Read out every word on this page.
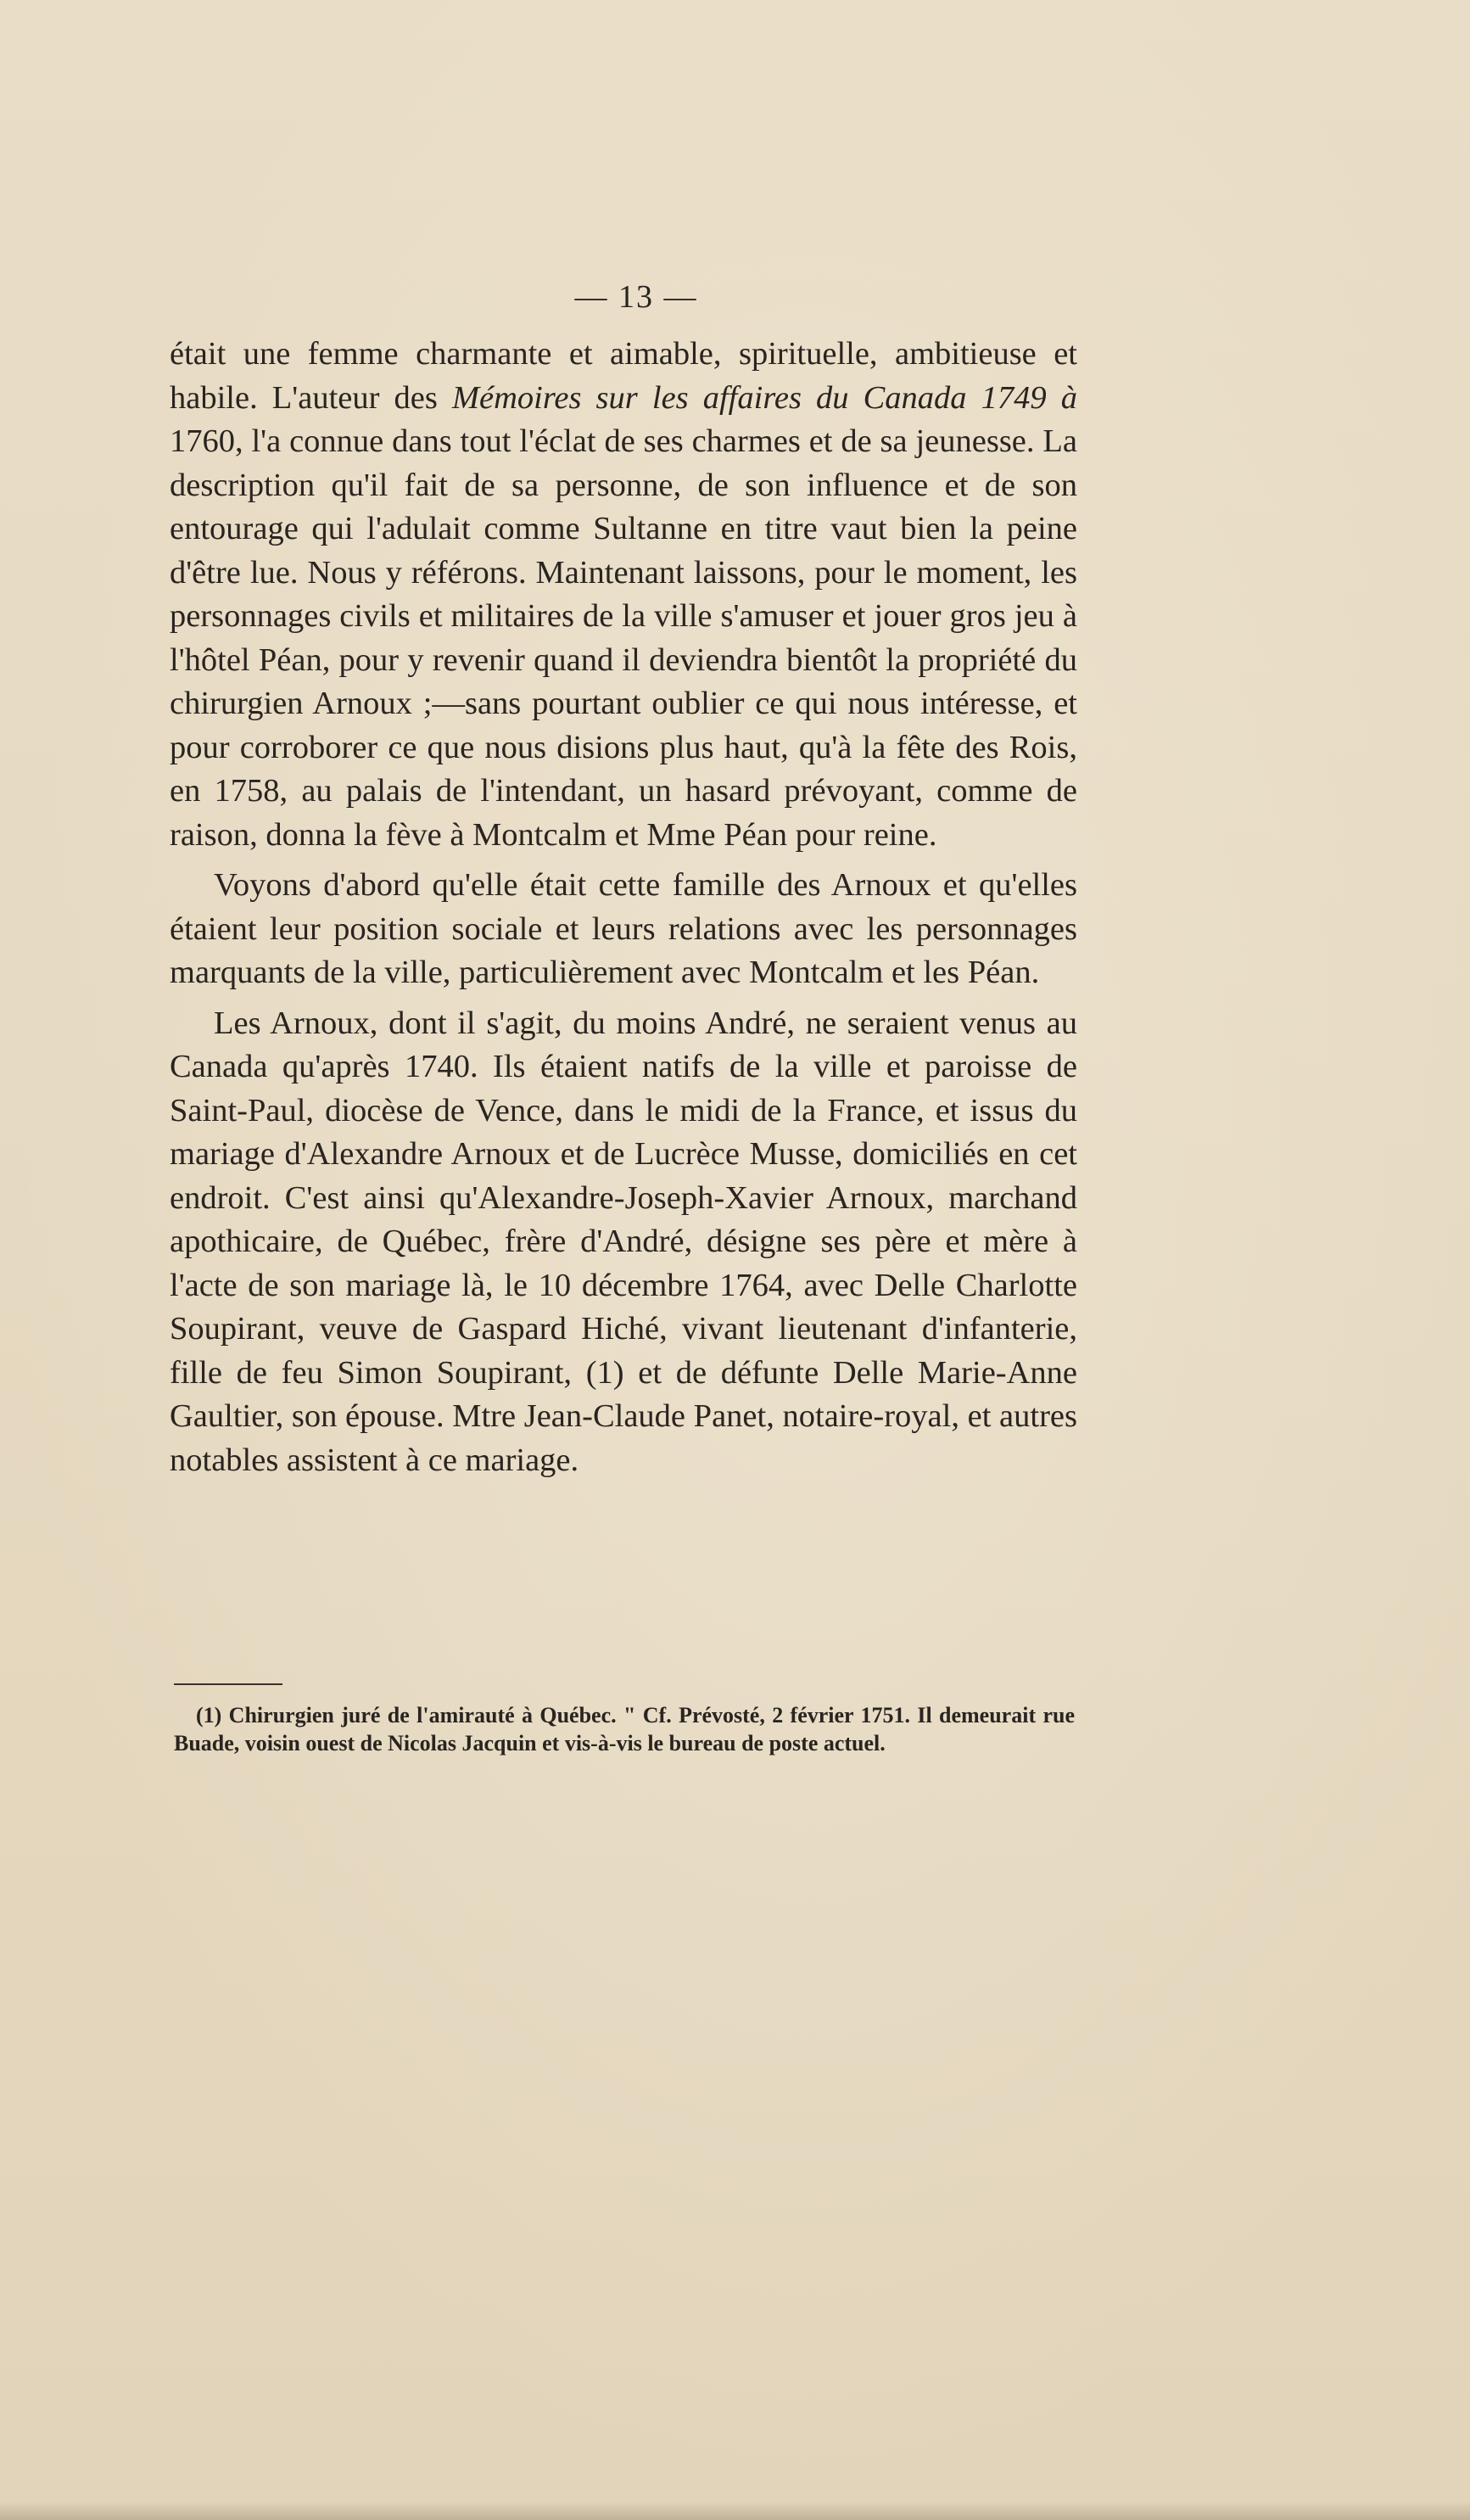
— 13 —

était une femme charmante et aimable, spirituelle, ambitieuse et habile. L'auteur des Mémoires sur les affaires du Canada 1749 à 1760, l'a connue dans tout l'éclat de ses charmes et de sa jeunesse. La description qu'il fait de sa personne, de son influence et de son entourage qui l'adulait comme Sultanne en titre vaut bien la peine d'être lue. Nous y référons. Maintenant laissons, pour le moment, les personnages civils et militaires de la ville s'amuser et jouer gros jeu à l'hôtel Péan, pour y revenir quand il deviendra bientôt la propriété du chirurgien Arnoux ;—sans pourtant oublier ce qui nous intéresse, et pour corroborer ce que nous disions plus haut, qu'à la fête des Rois, en 1758, au palais de l'intendant, un hasard prévoyant, comme de raison, donna la fève à Montcalm et Mme Péan pour reine.

Voyons d'abord qu'elle était cette famille des Arnoux et qu'elles étaient leur position sociale et leurs relations avec les personnages marquants de la ville, particulièrement avec Montcalm et les Péan.

Les Arnoux, dont il s'agit, du moins André, ne seraient venus au Canada qu'après 1740. Ils étaient natifs de la ville et paroisse de Saint-Paul, diocèse de Vence, dans le midi de la France, et issus du mariage d'Alexandre Arnoux et de Lucrèce Musse, domiciliés en cet endroit. C'est ainsi qu'Alexandre-Joseph-Xavier Arnoux, marchand apothicaire, de Québec, frère d'André, désigne ses père et mère à l'acte de son mariage là, le 10 décembre 1764, avec Delle Charlotte Soupirant, veuve de Gaspard Hiché, vivant lieutenant d'infanterie, fille de feu Simon Soupirant, (1) et de défunte Delle Marie-Anne Gaultier, son épouse. Mtre Jean-Claude Panet, notaire-royal, et autres notables assistent à ce mariage.

(1) Chirurgien juré de l'amirauté à Québec. " Cf. Prévosté, 2 février 1751. Il demeurait rue Buade, voisin ouest de Nicolas Jacquin et vis-à-vis le bureau de poste actuel.
